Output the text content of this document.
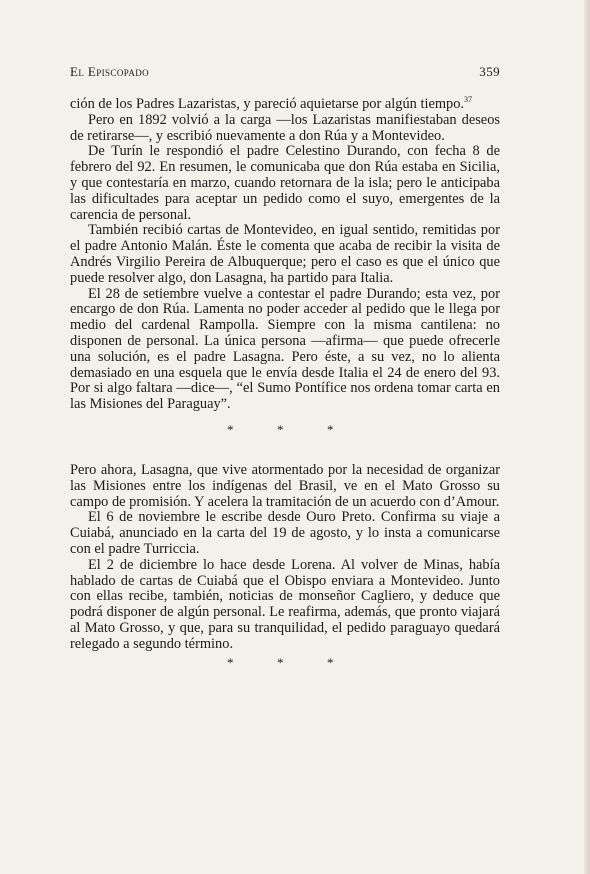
El Episcopado	359

ción de los Padres Lazaristas, y pareció aquietarse por algún tiempo.$^{37}$

Pero en 1892 volvió a la carga —los Lazaristas manifiestaban deseos de retirarse—, y escribió nuevamente a don Rúa y a Montevideo.

De Turín le respondió el padre Celestino Durando, con fecha 8 de febrero del 92. En resumen, le comunicaba que don Rúa estaba en Sicilia, y que contestaría en marzo, cuando retornara de la isla; pero le anticipaba las dificultades para aceptar un pedido como el suyo, emergentes de la carencia de personal.

También recibió cartas de Montevideo, en igual sentido, remitidas por el padre Antonio Malán. Éste le comenta que acaba de recibir la visita de Andrés Virgilio Pereira de Albuquerque; pero el caso es que el único que puede resolver algo, don Lasagna, ha partido para Italia.

El 28 de setiembre vuelve a contestar el padre Durando; esta vez, por encargo de don Rúa. Lamenta no poder acceder al pedido que le llega por medio del cardenal Rampolla. Siempre con la misma cantilena: no disponen de personal. La única persona —afirma— que puede ofrecerle una solución, es el padre Lasagna. Pero éste, a su vez, no lo alienta demasiado en una esquela que le envía desde Italia el 24 de enero del 93. Por si algo faltara —dice—, “el Sumo Pontífice nos ordena tomar carta en las Misiones del Paraguay”.

*	*	*

Pero ahora, Lasagna, que vive atormentado por la necesidad de organizar las Misiones entre los indígenas del Brasil, ve en el Mato Grosso su campo de promisión. Y acelera la tramitación de un acuerdo con d’Amour.

El 6 de noviembre le escribe desde Ouro Preto. Confirma su viaje a Cuiabá, anunciado en la carta del 19 de agosto, y lo insta a comunicarse con el padre Turriccia.

El 2 de diciembre lo hace desde Lorena. Al volver de Minas, había hablado de cartas de Cuiabá que el Obispo enviara a Montevideo. Junto con ellas recibe, también, noticias de monseñor Cagliero, y deduce que podrá disponer de algún personal. Le reafirma, además, que pronto viajará al Mato Grosso, y que, para su tranquilidad, el pedido paraguayo quedará relegado a segundo término.

*	*	*
